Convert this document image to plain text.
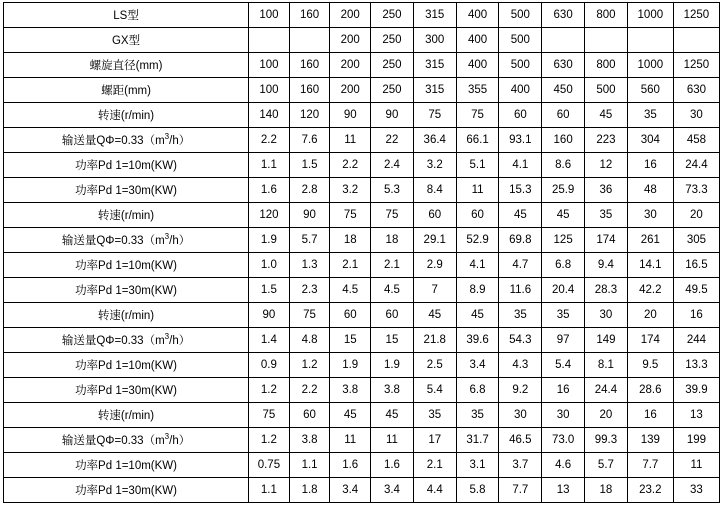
LS型	100	160	200	250	315	400	500	630	800	1000	1250
GX型			200	250	300	400	500				
螺旋直径(mm)	100	160	200	250	315	400	500	630	800	1000	1250
螺距(mm)	100	160	200	250	315	355	400	450	500	560	630
转速(r/min)	140	120	90	90	75	75	60	60	45	35	30
输送量$Q\Phi=0.33(m^3/h)$	2.2	7.6	11	22	36.4	66.1	93.1	160	223	304	458
功率Pd 1=10m(KW)	1.1	1.5	2.2	2.4	3.2	5.1	4.1	8.6	12	16	24.4
功率Pd 1=30m(KW)	1.6	2.8	3.2	5.3	8.4	11	15.3	25.9	36	48	73.3
转速(r/min)	120	90	75	75	60	60	45	45	35	30	20
输送量$Q\Phi=0.33(m^3/h)$	1.9	5.7	18	18	29.1	52.9	69.8	125	174	261	305
功率Pd 1=10m(KW)	1.0	1.3	2.1	2.1	2.9	4.1	4.7	6.8	9.4	14.1	16.5
功率Pd 1=30m(KW)	1.5	2.3	4.5	4.5	7	8.9	11.6	20.4	28.3	42.2	49.5
转速(r/min)	90	75	60	60	45	45	35	35	30	20	16
输送量$Q\Phi=0.33(m^3/h)$	1.4	4.8	15	15	21.8	39.6	54.3	97	149	174	244
功率Pd 1=10m(KW)	0.9	1.2	1.9	1.9	2.5	3.4	4.3	5.4	8.1	9.5	13.3
功率Pd 1=30m(KW)	1.2	2.2	3.8	3.8	5.4	6.8	9.2	16	24.4	28.6	39.9
转速(r/min)	75	60	45	45	35	35	30	30	20	16	13
输送量$Q\Phi=0.33(m^3/h)$	1.2	3.8	11	11	17	31.7	46.5	73.0	99.3	139	199
功率Pd 1=10m(KW)	0.75	1.1	1.6	1.6	2.1	3.1	3.7	4.6	5.7	7.7	11
功率Pd 1=30m(KW)	1.1	1.8	3.4	3.4	4.4	5.8	7.7	13	18	23.2	33
